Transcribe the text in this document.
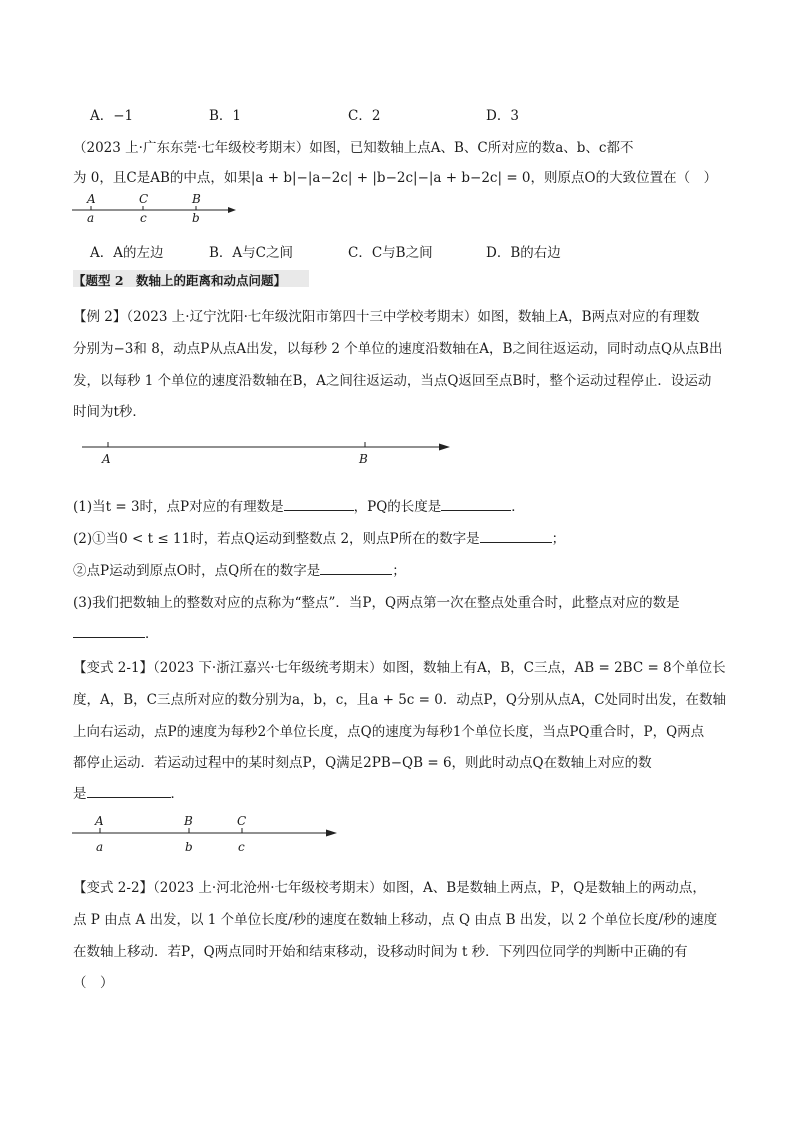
A．−1	B．1	C．2	D．3
（2023 上·广东东莞·七年级校考期末）如图，已知数轴上点A、B、C所对应的数a、b、c都不
为 0，且C是AB的中点，如果|a + b|−|a−2c| + |b−2c|−|a + b−2c| = 0，则原点O的大致位置在（　）
A	C	B
a	c	b
A．A的左边	B．A与C之间	C．C与B之间	D．B的右边
【题型 2　数轴上的距离和动点问题】
【例 2】（2023 上·辽宁沈阳·七年级沈阳市第四十三中学校考期末）如图，数轴上A，B两点对应的有理数
分别为−3和 8，动点P从点A出发，以每秒 2 个单位的速度沿数轴在A，B之间往返运动，同时动点Q从点B出
发，以每秒 1 个单位的速度沿数轴在B，A之间往返运动，当点Q返回至点B时，整个运动过程停止．设运动
时间为t秒．
A	B
(1)当t = 3时，点P对应的有理数是	，PQ的长度是	．
(2)①当0 < t ≤ 11时，若点Q运动到整数点 2，则点P所在的数字是	；
②点P运动到原点O时，点Q所在的数字是	；
(3)我们把数轴上的整数对应的点称为“整点”．当P，Q两点第一次在整点处重合时，此整点对应的数是
．
【变式 2-1】（2023 下·浙江嘉兴·七年级统考期末）如图，数轴上有A，B，C三点，AB = 2BC = 8个单位长
度，A，B，C三点所对应的数分别为a，b，c，且a + 5c = 0．动点P，Q分别从点A，C处同时出发，在数轴
上向右运动，点P的速度为每秒2个单位长度，点Q的速度为每秒1个单位长度，当点PQ重合时，P，Q两点
都停止运动．若运动过程中的某时刻点P，Q满足2PB−QB = 6，则此时动点Q在数轴上对应的数
是	．
A	B	C
a	b	c
【变式 2-2】（2023 上·河北沧州·七年级校考期末）如图，A、B是数轴上两点，P，Q是数轴上的两动点，
点 P 由点 A 出发，以 1 个单位长度/秒的速度在数轴上移动，点 Q 由点 B 出发，以 2 个单位长度/秒的速度
在数轴上移动．若P，Q两点同时开始和结束移动，设移动时间为 t 秒．下列四位同学的判断中正确的有
（　）
